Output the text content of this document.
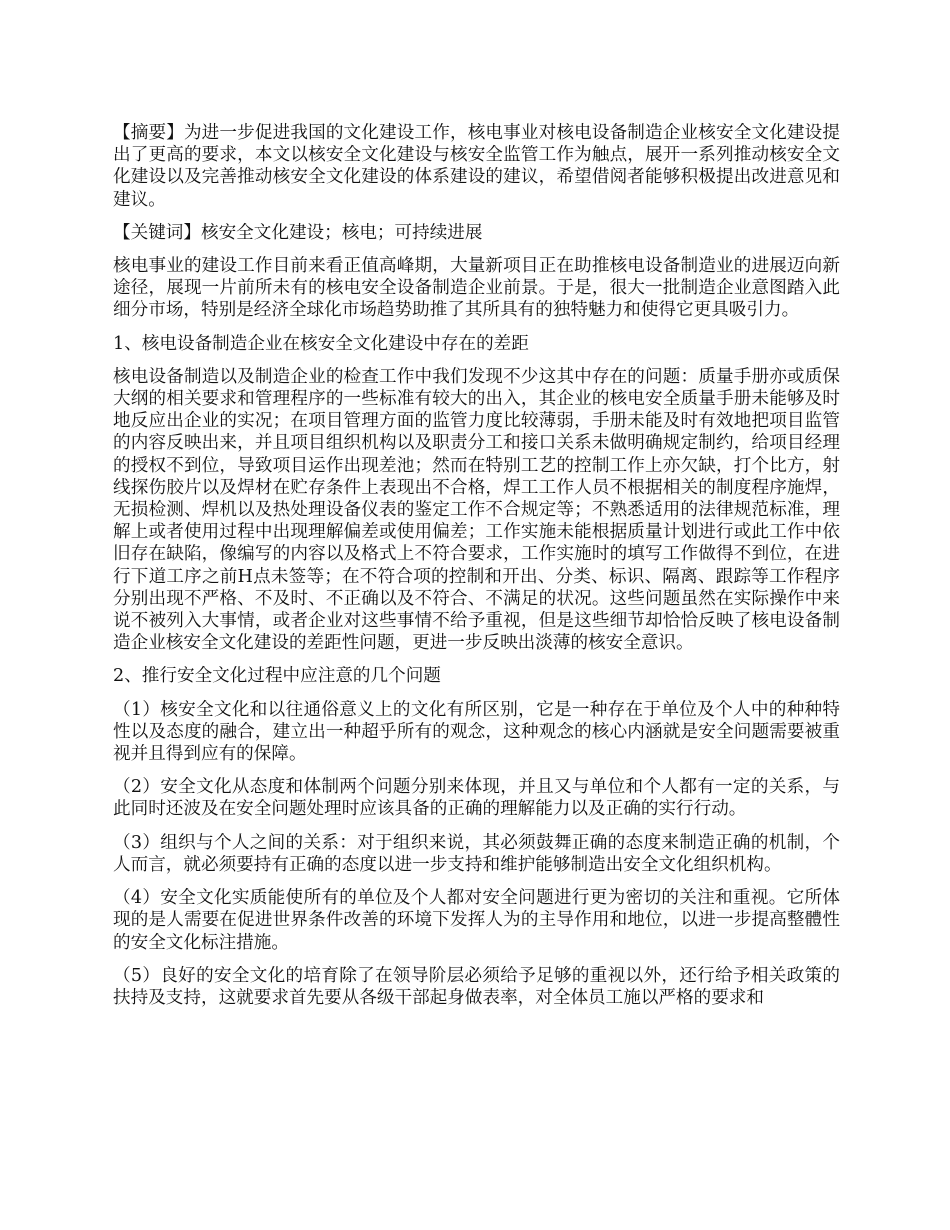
【摘要】为进一步促进我国的文化建设工作，核电事业对核电设备制造企业核安全文化建设提出了更高的要求，本文以核安全文化建设与核安全监管工作为触点，展开一系列推动核安全文化建设以及完善推动核安全文化建设的体系建设的建议，希望借阅者能够积极提出改进意见和建议。

【关键词】核安全文化建设；核电；可持续进展

核电事业的建设工作目前来看正值高峰期，大量新项目正在助推核电设备制造业的进展迈向新途径，展现一片前所未有的核电安全设备制造企业前景。于是，很大一批制造企业意图踏入此细分市场，特别是经济全球化市场趋势助推了其所具有的独特魅力和使得它更具吸引力。

1、核电设备制造企业在核安全文化建设中存在的差距

核电设备制造以及制造企业的检查工作中我们发现不少这其中存在的问题：质量手册亦或质保大纲的相关要求和管理程序的一些标准有较大的出入，其企业的核电安全质量手册未能够及时地反应出企业的实况；在项目管理方面的监管力度比较薄弱，手册未能及时有效地把项目监管的内容反映出来，并且项目组织机构以及职责分工和接口关系未做明确规定制约，给项目经理的授权不到位，导致项目运作出现差池；然而在特别工艺的控制工作上亦欠缺，打个比方，射线探伤胶片以及焊材在贮存条件上表现出不合格，焊工工作人员不根据相关的制度程序施焊，无损检测、焊机以及热处理设备仪表的鉴定工作不合规定等；不熟悉适用的法律规范标准，理解上或者使用过程中出现理解偏差或使用偏差；工作实施未能根据质量计划进行或此工作中依旧存在缺陷，像编写的内容以及格式上不符合要求，工作实施时的填写工作做得不到位，在进行下道工序之前H点未签等；在不符合项的控制和开出、分类、标识、隔离、跟踪等工作程序分别出现不严格、不及时、不正确以及不符合、不满足的状况。这些问题虽然在实际操作中来说不被列入大事情，或者企业对这些事情不给予重视，但是这些细节却恰恰反映了核电设备制造企业核安全文化建设的差距性问题，更进一步反映出淡薄的核安全意识。

2、推行安全文化过程中应注意的几个问题

（1）核安全文化和以往通俗意义上的文化有所区别，它是一种存在于单位及个人中的种种特性以及态度的融合，建立出一种超乎所有的观念，这种观念的核心内涵就是安全问题需要被重视并且得到应有的保障。

（2）安全文化从态度和体制两个问题分别来体现，并且又与单位和个人都有一定的关系，与此同时还波及在安全问题处理时应该具备的正确的理解能力以及正确的实行行动。

（3）组织与个人之间的关系：对于组织来说，其必须鼓舞正确的态度来制造正确的机制，个人而言，就必须要持有正确的态度以进一步支持和维护能够制造出安全文化组织机构。

（4）安全文化实质能使所有的单位及个人都对安全问题进行更为密切的关注和重视。它所体现的是人需要在促进世界条件改善的环境下发挥人为的主导作用和地位，以进一步提高整體性的安全文化标注措施。

（5）良好的安全文化的培育除了在领导阶层必须给予足够的重视以外，还行给予相关政策的扶持及支持，这就要求首先要从各级干部起身做表率，对全体员工施以严格的要求和
